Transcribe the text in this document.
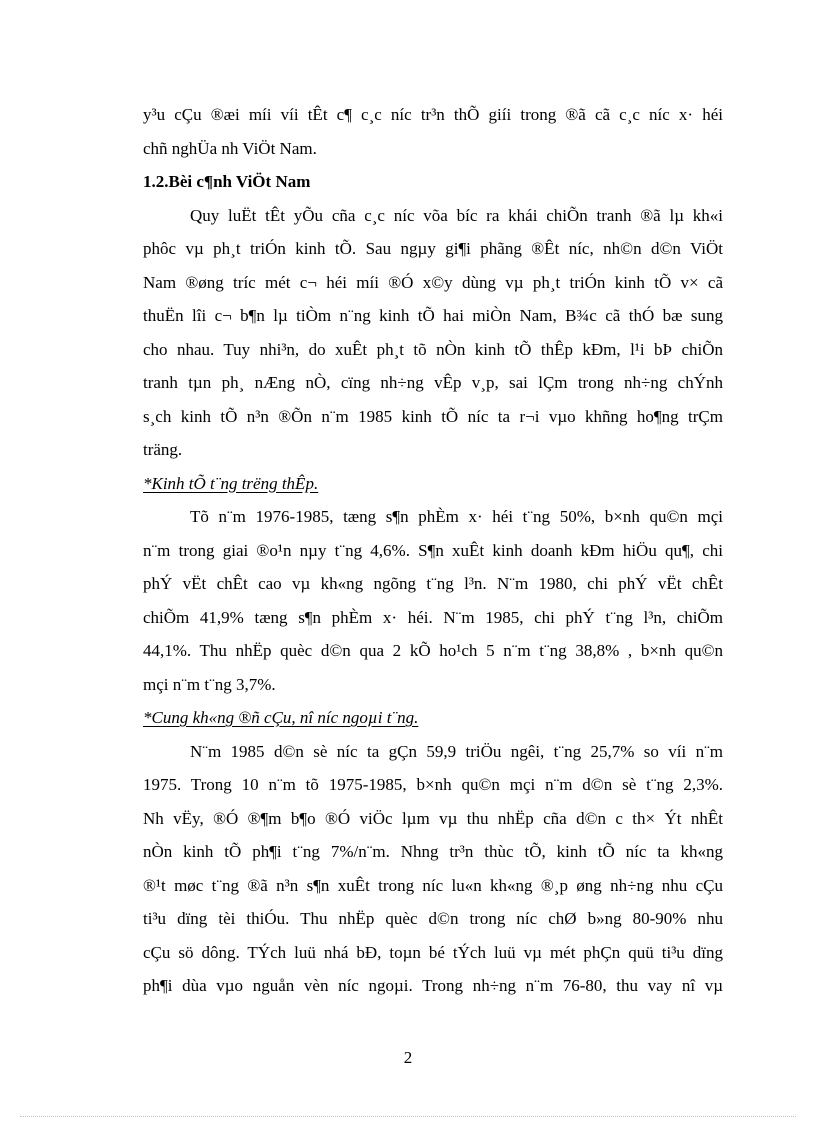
y³u cÇu ®æi míi víi tÊt c¶ c¸c níc tr³n thÕ giíi trong ®ã cã c¸c níc x· héi
chñ nghÜa nh ViÖt Nam.
1.2.Bèi c¶nh ViÖt Nam
Quy luËt tÊt yÕu cña c¸c níc võa bíc ra khái chiÕn tranh ®ã lµ kh«i
phôc vµ ph¸t triÓn kinh tÕ. Sau ngµy gi¶i phãng ®Êt níc, nh©n d©n ViÖt
Nam ®øng tríc mét c¬ héi míi ®Ó x©y dùng vµ ph¸t triÓn kinh tÕ v× cã
thuËn lîi c¬ b¶n lµ tiÒm n¨ng kinh tÕ hai miÒn Nam, B¾c cã thÓ bæ sung
cho nhau. Tuy nhi³n, do xuÊt ph¸t tõ nÒn kinh tÕ thÊp kÐm, l¹i bÞ chiÕn
tranh tµn ph¸ nÆng nÒ, cïng nh÷ng vÊp v¸p, sai lÇm trong nh÷ng chÝnh
s¸ch kinh tÕ n³n ®Õn n¨m 1985 kinh tÕ níc ta r¬i vµo khñng ho¶ng trÇm
träng.
*Kinh tÕ t¨ng trëng thÊp.
Tõ n¨m 1976-1985, tæng s¶n phÈm x· héi t¨ng 50%, b×nh qu©n mçi
n¨m trong giai ®o¹n nµy t¨ng 4,6%. S¶n xuÊt kinh doanh kÐm hiÖu qu¶, chi
phÝ vËt chÊt cao vµ kh«ng ngõng t¨ng l³n. N¨m 1980, chi phÝ vËt chÊt
chiÕm 41,9% tæng s¶n phÈm x· héi. N¨m 1985, chi phÝ t¨ng l³n, chiÕm
44,1%. Thu nhËp quèc d©n qua 2 kÕ ho¹ch 5 n¨m t¨ng 38,8% , b×nh qu©n
mçi n¨m t¨ng 3,7%.
*Cung kh«ng ®ñ cÇu, nî níc ngoµi t¨ng.
N¨m 1985 d©n sè níc ta gÇn 59,9 triÖu ngêi, t¨ng 25,7% so víi n¨m
1975. Trong 10 n¨m tõ 1975-1985, b×nh qu©n mçi n¨m d©n sè t¨ng 2,3%.
Nh vËy, ®Ó ®¶m b¶o ®Ó viÖc lµm vµ thu nhËp cña d©n c th× Ýt nhÊt
nÒn kinh tÕ ph¶i t¨ng 7%/n¨m. Nhng tr³n thùc tÕ, kinh tÕ níc ta kh«ng
®¹t møc t¨ng ®ã n³n s¶n xuÊt trong níc lu«n kh«ng ®¸p øng nh÷ng nhu cÇu
ti³u dïng tèi thiÓu. Thu nhËp quèc d©n trong níc chØ b»ng 80-90% nhu
cÇu sö dông. TÝch luü nhá bÐ, toµn bé tÝch luü vµ mét phÇn quü ti³u dïng
ph¶i dùa vµo nguån vèn níc ngoµi. Trong nh÷ng n¨m 76-80, thu vay nî vµ
2
